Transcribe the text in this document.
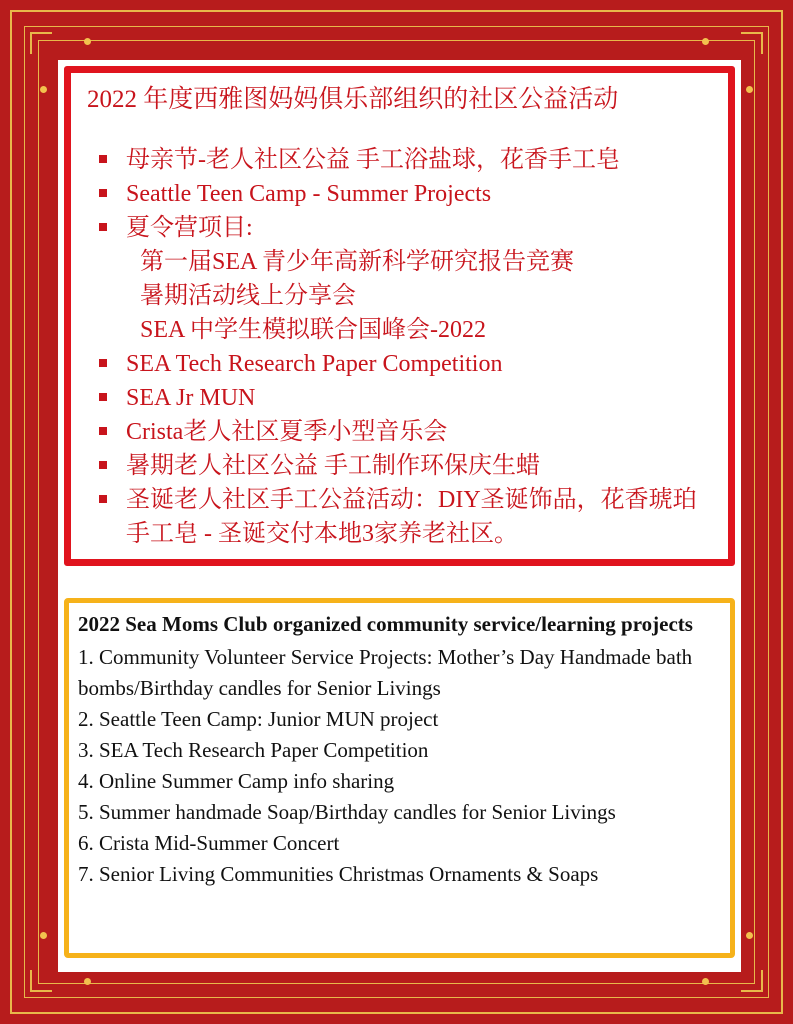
2022 年度西雅图妈妈俱乐部组织的社区公益活动
母亲节-老人社区公益 手工浴盐球，花香手工皂
Seattle Teen Camp - Summer Projects
夏令营项目:
第一届SEA 青少年高新科学研究报告竞赛
暑期活动线上分享会
SEA 中学生模拟联合国峰会-2022
SEA Tech Research Paper Competition
SEA Jr MUN
Crista老人社区夏季小型音乐会
暑期老人社区公益 手工制作环保庆生蜡
圣诞老人社区手工公益活动：DIY圣诞饰品，花香琥珀手工皂 - 圣诞交付本地3家养老社区。
2022 Sea Moms Club organized community service/learning projects
1. Community Volunteer Service Projects: Mother’s Day Handmade bath bombs/Birthday candles for Senior Livings
2. Seattle Teen Camp: Junior MUN project
3. SEA Tech Research Paper Competition
4. Online Summer Camp info sharing
5. Summer handmade Soap/Birthday candles for Senior Livings
6. Crista Mid-Summer Concert
7. Senior Living Communities Christmas Ornaments & Soaps
